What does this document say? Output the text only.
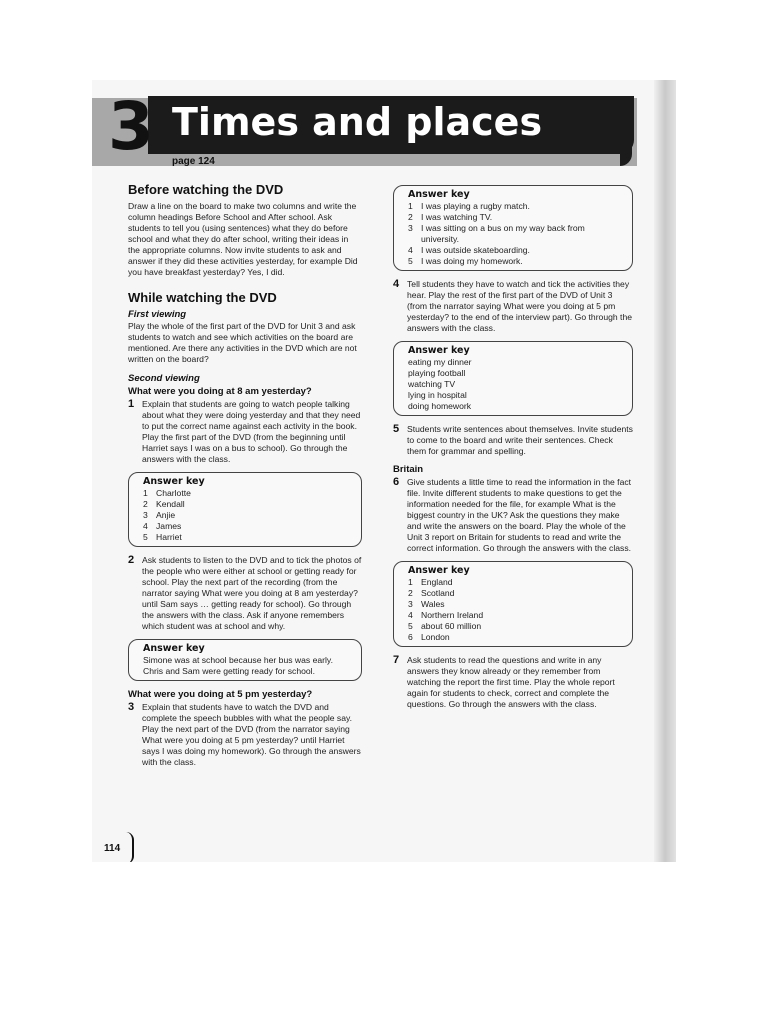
3 Times and places
page 124
Before watching the DVD

Draw a line on the board to make two columns and write the column headings Before School and After school. Ask students to tell you (using sentences) what they do before school and what they do after school, writing their ideas in the appropriate columns. Now invite students to ask and answer if they did these activities yesterday, for example Did you have breakfast yesterday? Yes, I did.

While watching the DVD
First viewing

Play the whole of the first part of the DVD for Unit 3 and ask students to watch and see which activities on the board are mentioned. Are there any activities in the DVD which are not written on the board?

Second viewing
What were you doing at 8 am yesterday?
1 Explain that students are going to watch people talking about what they were doing yesterday and that they need to put the correct name against each activity in the book. Play the first part of the DVD (from the beginning until Harriet says I was on a bus to school). Go through the answers with the class.
Answer key
1 Charlotte
2 Kendall
3 Anjie
4 James
5 Harriet
2 Ask students to listen to the DVD and to tick the photos of the people who were either at school or getting ready for school. Play the next part of the recording (from the narrator saying What were you doing at 8 am yesterday? until Sam says … getting ready for school). Go through the answers with the class. Ask if anyone remembers which student was at school and why.
Answer key
Simone was at school because her bus was early.
Chris and Sam were getting ready for school.
What were you doing at 5 pm yesterday?
3 Explain that students have to watch the DVD and complete the speech bubbles with what the people say. Play the next part of the DVD (from the narrator saying What were you doing at 5 pm yesterday? until Harriet says I was doing my homework). Go through the answers with the class.
Answer key
1 I was playing a rugby match.
2 I was watching TV.
3 I was sitting on a bus on my way back from university.
4 I was outside skateboarding.
5 I was doing my homework.
4 Tell students they have to watch and tick the activities they hear. Play the rest of the first part of the DVD of Unit 3 (from the narrator saying What were you doing at 5 pm yesterday? to the end of the interview part). Go through the answers with the class.
Answer key
eating my dinner
playing football
watching TV
lying in hospital
doing homework
5 Students write sentences about themselves. Invite students to come to the board and write their sentences. Check them for grammar and spelling.
Britain
6 Give students a little time to read the information in the fact file. Invite different students to make questions to get the information needed for the file, for example What is the biggest country in the UK? Ask the questions they make and write the answers on the board. Play the whole of the Unit 3 report on Britain for students to read and write the correct information. Go through the answers with the class.
Answer key
1 England
2 Scotland
3 Wales
4 Northern Ireland
5 about 60 million
6 London
7 Ask students to read the questions and write in any answers they know already or they remember from watching the report the first time. Play the whole report again for students to check, correct and complete the questions. Go through the answers with the class.
114
